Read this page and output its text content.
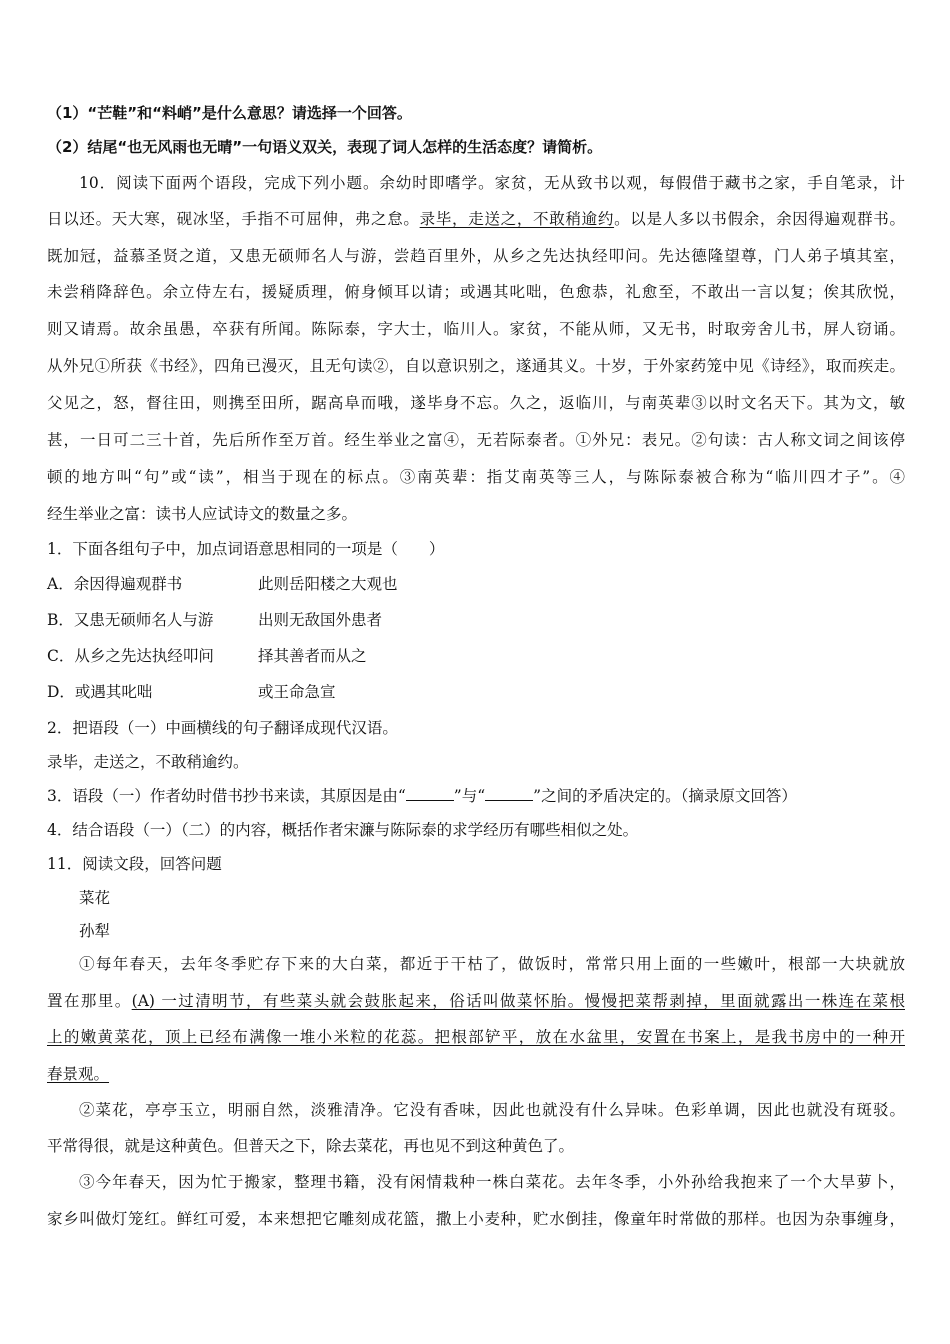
（1）“芒鞋”和“料峭”是什么意思？请选择一个回答。
（2）结尾“也无风雨也无晴”一句语义双关，表现了词人怎样的生活态度？请简析。
10．阅读下面两个语段，完成下列小题。余幼时即嗜学。家贫，无从致书以观，每假借于藏书之家，手自笔录，计
日以还。天大寒，砚冰坚，手指不可屈伸，弗之怠。录毕，走送之，不敢稍逾约。以是人多以书假余，余因得遍观群书。
既加冠，益慕圣贤之道，又患无硕师名人与游，尝趋百里外，从乡之先达执经叩问。先达德隆望尊，门人弟子填其室，
未尝稍降辞色。余立侍左右，援疑质理，俯身倾耳以请；或遇其叱咄，色愈恭，礼愈至，不敢出一言以复；俟其欣悦，
则又请焉。故余虽愚，卒获有所闻。陈际泰，字大士，临川人。家贫，不能从师，又无书，时取旁舍儿书，屏人窃诵。
从外兄①所获《书经》，四角已漫灭，且无句读②，自以意识别之，遂通其义。十岁，于外家药笼中见《诗经》，取而疾走。
父见之，怒，督往田，则携至田所，踞高阜而哦，遂毕身不忘。久之，返临川，与南英辈③以时文名天下。其为文，敏
甚，一日可二三十首，先后所作至万首。经生举业之富④，无若际泰者。①外兄：表兄。②句读：古人称文词之间该停
顿的地方叫“句”或“读”，相当于现在的标点。③南英辈：指艾南英等三人，与陈际泰被合称为“临川四才子”。④
经生举业之富：读书人应试诗文的数量之多。
1．下面各组句子中，加点词语意思相同的一项是（　　）
A．余因得遍观群书	此则岳阳楼之大观也
B．又患无硕师名人与游	出则无敌国外患者
C．从乡之先达执经叩问	择其善者而从之
D．或遇其叱咄	或王命急宣
2．把语段（一）中画横线的句子翻译成现代汉语。
录毕，走送之，不敢稍逾约。
3．语段（一）作者幼时借书抄书来读，其原因是由“	”与“	”之间的矛盾决定的。（摘录原文回答）
4．结合语段（一）（二）的内容，概括作者宋濂与陈际泰的求学经历有哪些相似之处。
11．阅读文段，回答问题
菜花
孙犁
①每年春天，去年冬季贮存下来的大白菜，都近于干枯了，做饭时，常常只用上面的一些嫩叶，根部一大块就放
置在那里。(A) 一过清明节，有些菜头就会鼓胀起来，俗话叫做菜怀胎。慢慢把菜帮剥掉，里面就露出一株连在菜根
上的嫩黄菜花，顶上已经布满像一堆小米粒的花蕊。把根部铲平，放在水盆里，安置在书案上，是我书房中的一种开
春景观。
②菜花，亭亭玉立，明丽自然，淡雅清净。它没有香味，因此也就没有什么异味。色彩单调，因此也就没有斑驳。
平常得很，就是这种黄色。但普天之下，除去菜花，再也见不到这种黄色了。
③今年春天，因为忙于搬家，整理书籍，没有闲情栽种一株白菜花。去年冬季，小外孙给我抱来了一个大旱萝卜，
家乡叫做灯笼红。鲜红可爱，本来想把它雕刻成花篮，撒上小麦种，贮水倒挂，像童年时常做的那样。也因为杂事缠身，
